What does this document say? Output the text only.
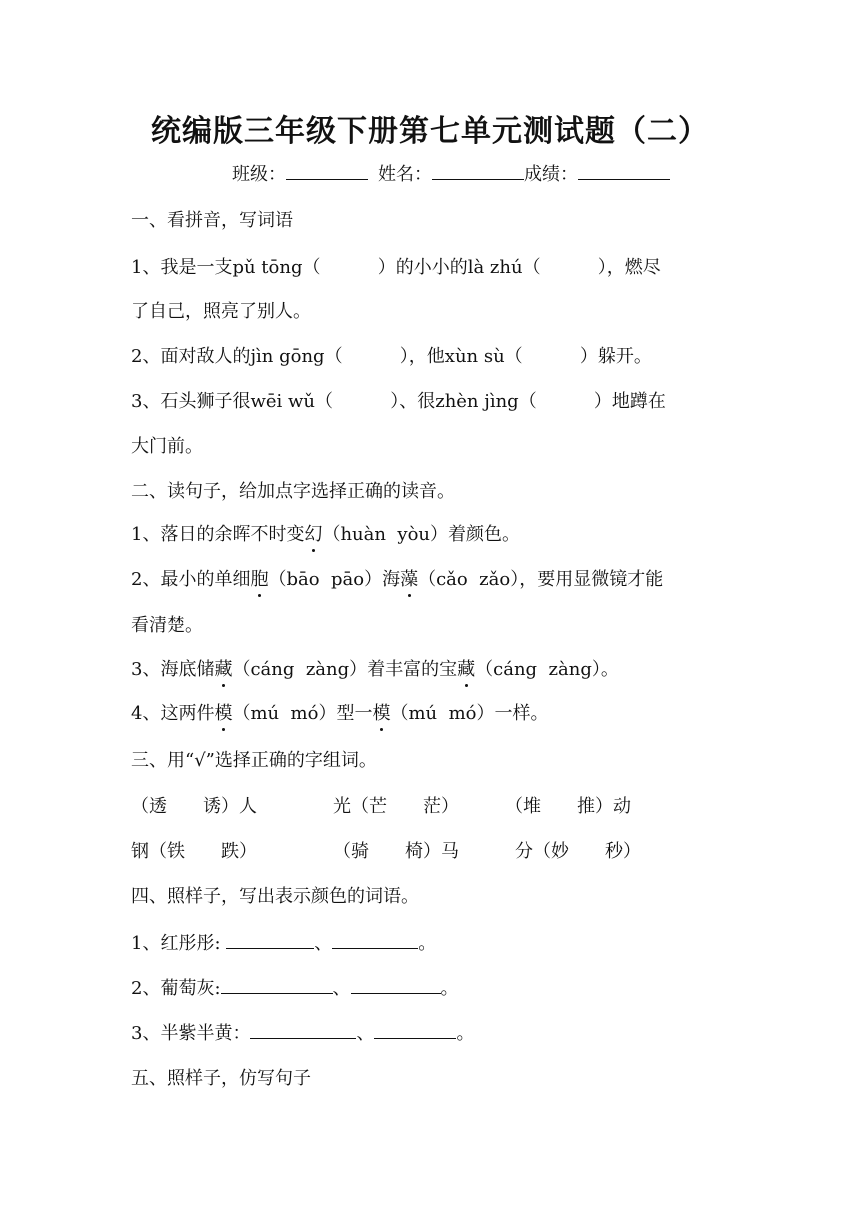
统编版三年级下册第七单元测试题（二）
班级：	姓名：	成绩：
一、看拼音，写词语
1、我是一支pǔ tōng（          ）的小小的là zhú（          ），燃尽
了自己，照亮了别人。
2、面对敌人的jìn gōng（          ），他xùn sù（          ）躲开。
3、石头狮子很wēi wǔ（          ）、很zhèn jìng（          ）地蹲在
大门前。
二、读句子，给加点字选择正确的读音。
1、落日的余晖不时变幻（huàn  yòu）着颜色。
2、最小的单细胞（bāo  pāo）海藻（cǎo  zǎo），要用显微镜才能
看清楚。
3、海底储藏（cáng  zàng）着丰富的宝藏（cáng  zàng）。
4、这两件模（mú  mó）型一模（mú  mó）一样。
三、用“√”选择正确的字组词。
（透　　诱）人	光（芒　　茫）	（堆　　推）动
钢（铁　　跌）	（骑　　椅）马	分（妙　　秒）
四、照样子，写出表示颜色的词语。
1、红彤彤:	、	。
2、葡萄灰:	、	。
3、半紫半黄：	、	。
五、照样子，仿写句子
